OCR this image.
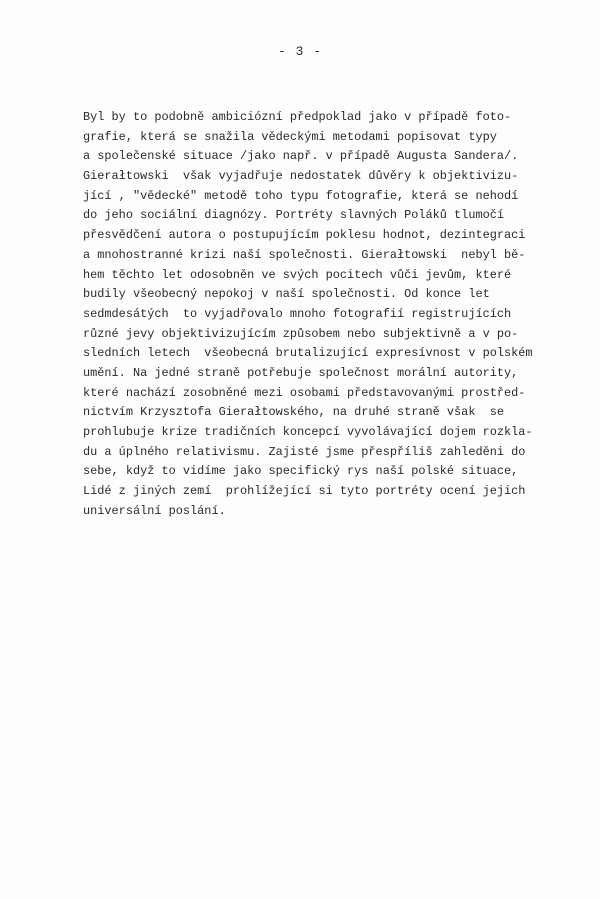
- 3 -
Byl by to podobně ambiciózní předpoklad jako v případě foto-
grafie, která se snažila vědeckými metodami popisovat typy
a společenské situace /jako např. v případě Augusta Sandera/.
Gierałtowski  však vyjadřuje nedostatek důvěry k objektivizu-
jící , "vědecké" metodě toho typu fotografie, která se nehodí
do jeho sociální diagnózy. Portréty slavných Poláků tlumočí
přesvědčení autora o postupujícím poklesu hodnot, dezintegraci
a mnohostranné krizi naší společnosti. Gierałtowski  nebyl bě-
hem těchto let odosobněn ve svých pocitech vůči jevům, které
budily všeobecný nepokoj v naší společnosti. Od konce let
sedmdesátých  to vyjadřovalo mnoho fotografií registrujících
různé jevy objektivizujícím způsobem nebo subjektivně a v po-
sledních letech  všeobecná brutalizující expresívnost v polském
umění. Na jedné straně potřebuje společnost morální autority,
které nachází zosobněné mezi osobami představovanými prostřed-
nictvím Krzysztofa Gierałtowského, na druhé straně však  se
prohlubuje krize tradičních koncepcí vyvolávající dojem rozkla-
du a úplného relativismu. Zajisté jsme přespříliš zahleděni do
sebe, když to vidíme jako specifický rys naší polské situace,
Lidé z jiných zemí  prohlížející si tyto portréty ocení jejich
universální poslání.
